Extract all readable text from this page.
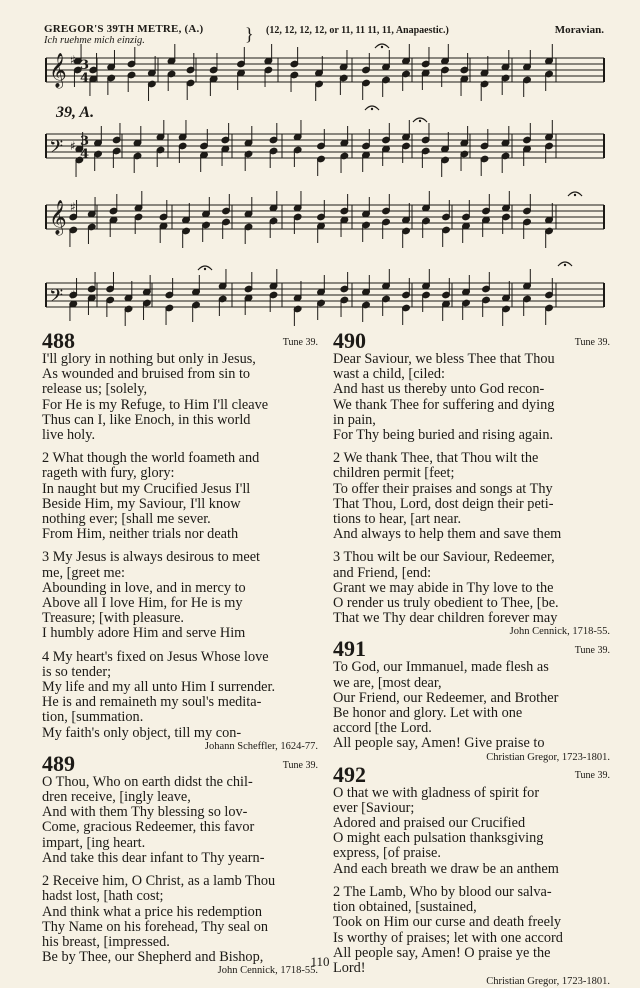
GREGOR'S 39TH METRE, (A.)
Ich ruehme mich einzig.	} (12, 12, 12, 12, or 11, 11 11, 11, Anapaestic.)	Moravian.
𝄞 ♯ 3
4
𝄢 ♯ 3
4
𝄞 ♯
𝄢 ♯
39, A.
488	Tune 39.
I'll glory in nothing but only in Jesus,
As wounded and bruised from sin to
release us; [solely,
For He is my Refuge, to Him I'll cleave
Thus can I, like Enoch, in this world
live holy.
2 What though the world foameth and
rageth with fury, glory:
In naught but my Crucified Jesus I'll
Beside Him, my Saviour, I'll know
nothing ever; [shall me sever.
From Him, neither trials nor death
3 My Jesus is always desirous to meet
me, [greet me:
Abounding in love, and in mercy to
Above all I love Him, for He is my
Treasure; [with pleasure.
I humbly adore Him and serve Him
4 My heart's fixed on Jesus Whose love
is so tender;
My life and my all unto Him I surrender.
He is and remaineth my soul's medita-
tion, [summation.
My faith's only object, till my con-
Johann Scheffler, 1624-77.
489	Tune 39.
O Thou, Who on earth didst the chil-
dren receive, [ingly leave,
And with them Thy blessing so lov-
Come, gracious Redeemer, this favor
impart, [ing heart.
And take this dear infant to Thy yearn-
2 Receive him, O Christ, as a lamb Thou
hadst lost, [hath cost;
And think what a price his redemption
Thy Name on his forehead, Thy seal on
his breast, [impressed.
Be by Thee, our Shepherd and Bishop,
John Cennick, 1718-55.
490	Tune 39.
Dear Saviour, we bless Thee that Thou
wast a child, [ciled:
And hast us thereby unto God recon-
We thank Thee for suffering and dying
in pain,
For Thy being buried and rising again.
2 We thank Thee, that Thou wilt the
children permit [feet;
To offer their praises and songs at Thy
That Thou, Lord, dost deign their peti-
tions to hear, [art near.
And always to help them and save them
3 Thou wilt be our Saviour, Redeemer,
and Friend, [end:
Grant we may abide in Thy love to the
O render us truly obedient to Thee, [be.
That we Thy dear children forever may
John Cennick, 1718-55.
491	Tune 39.
To God, our Immanuel, made flesh as
we are, [most dear,
Our Friend, our Redeemer, and Brother
Be honor and glory. Let with one
accord [the Lord.
All people say, Amen! Give praise to
Christian Gregor, 1723-1801.
492	Tune 39.
O that we with gladness of spirit for
ever [Saviour;
Adored and praised our Crucified
O might each pulsation thanksgiving
express, [of praise.
And each breath we draw be an anthem
2 The Lamb, Who by blood our salva-
tion obtained, [sustained,
Took on Him our curse and death freely
Is worthy of praises; let with one accord
All people say, Amen! O praise ye the
Lord!
Christian Gregor, 1723-1801.
110
